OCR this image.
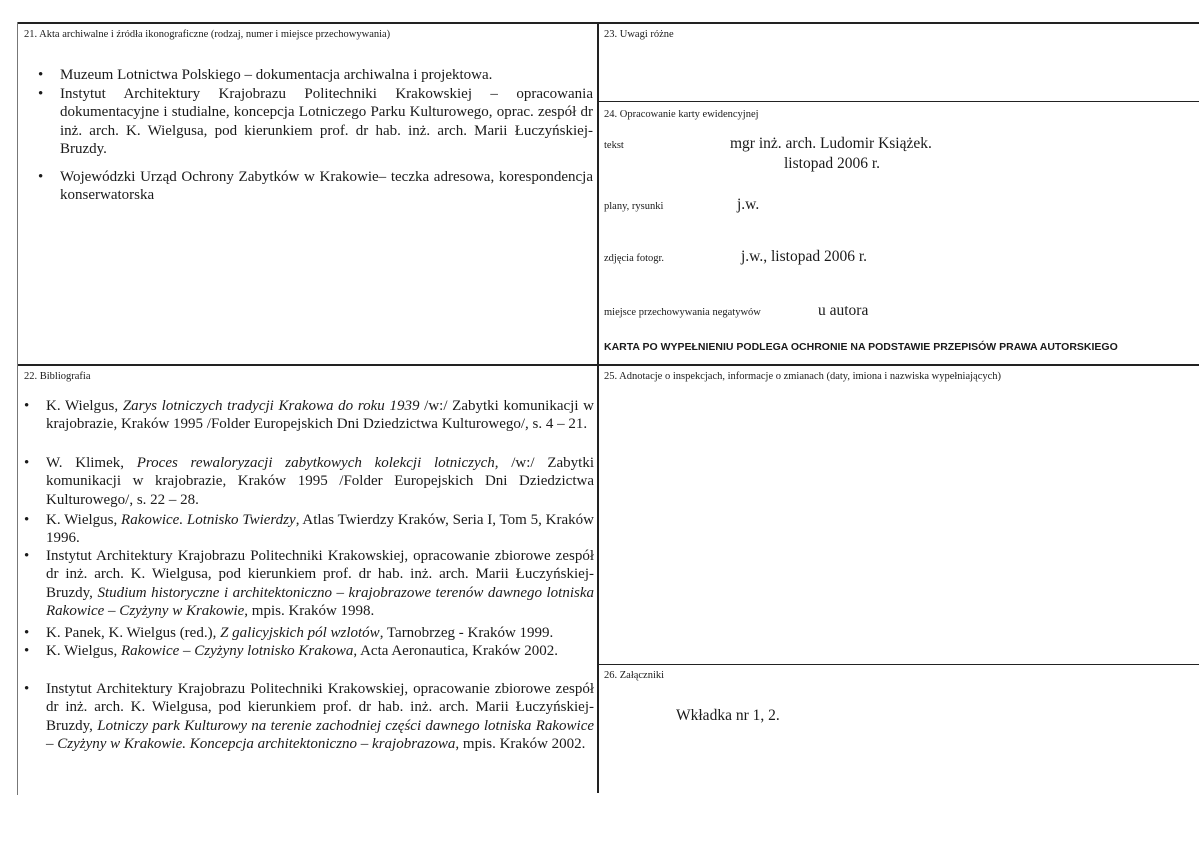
21. Akta archiwalne i źródła ikonograficzne (rodzaj, numer i miejsce przechowywania)
• Muzeum Lotnictwa Polskiego – dokumentacja archiwalna i projektowa.
• Instytut Architektury Krajobrazu Politechniki Krakowskiej – opracowania dokumentacyjne i studialne, koncepcja Lotniczego Parku Kulturowego, oprac. zespół dr inż. arch. K. Wielgusa, pod kierunkiem prof. dr hab. inż. arch. Marii Łuczyńskiej-Bruzdy.
• Wojewódzki Urząd Ochrony Zabytków w Krakowie– teczka adresowa, korespondencja konserwatorska
22. Bibliografia
• K. Wielgus, Zarys lotniczych tradycji Krakowa do roku 1939 /w:/ Zabytki komunikacji w krajobrazie, Kraków 1995 /Folder Europejskich Dni Dziedzictwa Kulturowego/, s. 4 – 21.
• W. Klimek, Proces rewaloryzacji zabytkowych kolekcji lotniczych, /w:/ Zabytki komunikacji w krajobrazie, Kraków 1995 /Folder Europejskich Dni Dziedzictwa Kulturowego/, s. 22 – 28.
• K. Wielgus, Rakowice. Lotnisko Twierdzy, Atlas Twierdzy Kraków, Seria I, Tom 5, Kraków 1996.
• Instytut Architektury Krajobrazu Politechniki Krakowskiej, opracowanie zbiorowe zespół dr inż. arch. K. Wielgusa, pod kierunkiem prof. dr hab. inż. arch. Marii Łuczyńskiej-Bruzdy, Studium historyczne i architektoniczno – krajobrazowe terenów dawnego lotniska Rakowice – Czyżyny w Krakowie, mpis. Kraków 1998.
• K. Panek, K. Wielgus (red.), Z galicyjskich pól wzlotów, Tarnobrzeg - Kraków 1999.
• K. Wielgus, Rakowice – Czyżyny lotnisko Krakowa, Acta Aeronautica, Kraków 2002.
• Instytut Architektury Krajobrazu Politechniki Krakowskiej, opracowanie zbiorowe zespół dr inż. arch. K. Wielgusa, pod kierunkiem prof. dr hab. inż. arch. Marii Łuczyńskiej-Bruzdy, Lotniczy park Kulturowy na terenie zachodniej części dawnego lotniska Rakowice – Czyżyny w Krakowie. Koncepcja architektoniczno – krajobrazowa, mpis. Kraków 2002.
23. Uwagi różne
24. Opracowanie karty ewidencyjnej
tekst	mgr inż. arch. Ludomir Książek.
listopad 2006 r.
plany, rysunki	j.w.
zdjęcia fotogr.	j.w., listopad 2006 r.
miejsce przechowywania negatywów	u autora
KARTA PO WYPEŁNIENIU PODLEGA OCHRONIE NA PODSTAWIE PRZEPISÓW PRAWA AUTORSKIEGO
25. Adnotacje o inspekcjach, informacje o zmianach (daty, imiona i nazwiska wypełniających)
26. Załączniki
Wkładka nr 1, 2.
